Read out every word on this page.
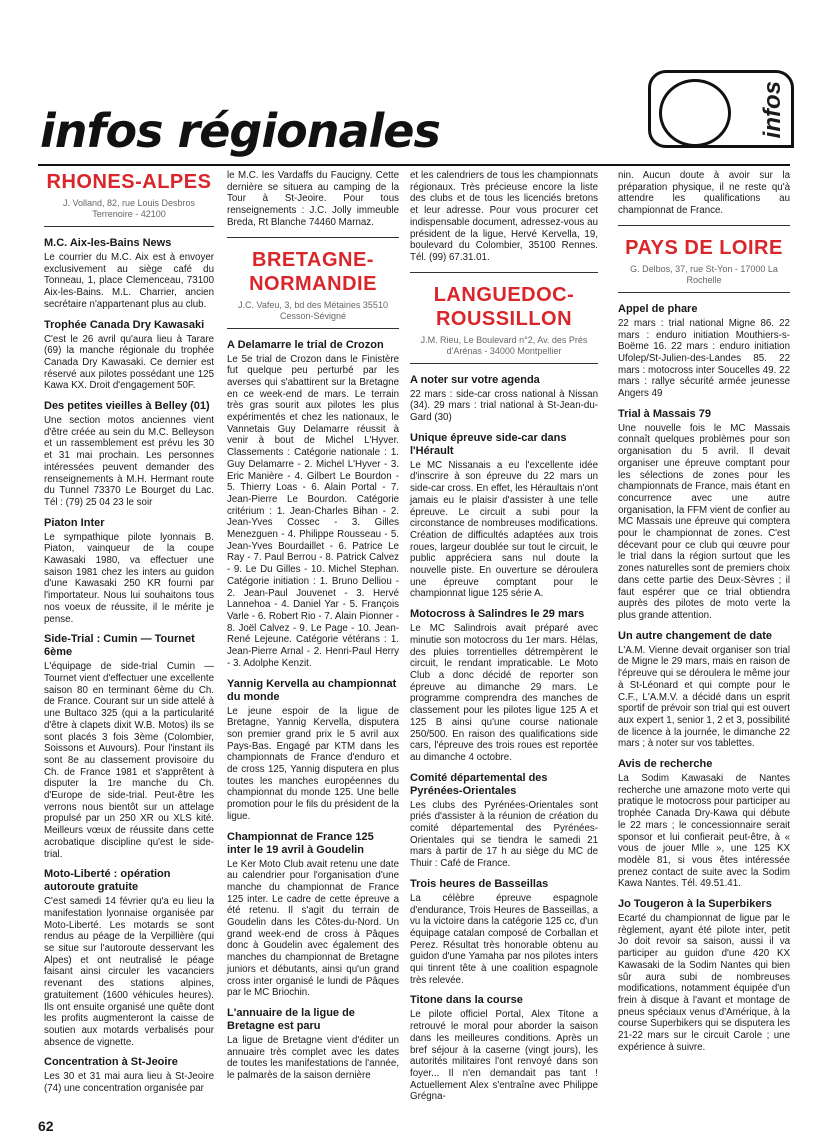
infos régionales	infos
RHONES-ALPES
J. Volland, 82, rue Louis Desbros Terrenoire - 42100
M.C. Aix-les-Bains News
Le courrier du M.C. Aix est à envoyer exclusivement au siège café du Tonneau, 1, place Clemenceau, 73100 Aix-les-Bains. M.L. Charrier, ancien secrétaire n'appartenant plus au club.
Trophée Canada Dry Kawasaki
C'est le 26 avril qu'aura lieu à Tarare (69) la manche régionale du trophée Canada Dry Kawasaki. Ce dernier est réservé aux pilotes possédant une 125 Kawa KX. Droit d'engagement 50F.
Des petites vieilles à Belley (01)
Une section motos anciennes vient d'être créée au sein du M.C. Belleyson et un rassemblement est prévu les 30 et 31 mai prochain. Les personnes intéressées peuvent demander des renseignements à M.H. Hermant route du Tunnel 73370 Le Bourget du Lac. Tél : (79) 25 04 23 le soir
Piaton Inter
Le sympathique pilote lyonnais B. Piaton, vainqueur de la coupe Kawasaki 1980, va effectuer une saison 1981 chez les inters au guidon d'une Kawasaki 250 KR fourni par l'importateur. Nous lui souhaitons tous nos voeux de réussite, il le mérite je pense.
Side-Trial : Cumin — Tournet 6ème
L'équipage de side-trial Cumin — Tournet vient d'effectuer une excellente saison 80 en terminant 6ème du Ch. de France. Courant sur un side attelé à une Bultaco 325 (qui a la particularité d'être à clapets dixit W.B. Motos) ils se sont placés 3 fois 3ème (Colombier, Soissons et Auvours). Pour l'instant ils sont 8e au classement provisoire du Ch. de France 1981 et s'apprêtent à disputer la 1re manche du Ch. d'Europe de side-trial. Peut-être les verrons nous bientôt sur un attelage propulsé par un 250 XR ou XLS kité. Meilleurs vœux de réussite dans cette acrobatique discipline qu'est le side-trial.
Moto-Liberté : opération autoroute gratuite
C'est samedi 14 février qu'a eu lieu la manifestation lyonnaise organisée par Moto-Liberté. Les motards se sont rendus au péage de la Verpillière (qui se situe sur l'autoroute desservant les Alpes) et ont neutralisé le péage faisant ainsi circuler les vacanciers revenant des stations alpines, gratuitement (1600 véhicules heures). Ils ont ensuite organisé une quête dont les profits augmenteront la caisse de soutien aux motards verbalisés pour absence de vignette.
Concentration à St-Jeoire
Les 30 et 31 mai aura lieu à St-Jeoire (74) une concentration organisée par
le M.C. les Vardaffs du Faucigny. Cette dernière se situera au camping de la Tour à St-Jeoire. Pour tous renseignements : J.C. Jolly immeuble Breda, Rt Blanche 74460 Marnaz.
BRETAGNE-NORMANDIE
J.C. Vafeu, 3, bd des Métairies 35510 Cesson-Sévigné
A Delamarre le trial de Crozon
Le 5e trial de Crozon dans le Finistère fut quelque peu perturbé par les averses qui s'abattirent sur la Bretagne en ce week-end de mars. Le terrain très gras sourit aux pilotes les plus expérimentés et chez les nationaux, le Vannetais Guy Delamarre réussit à venir à bout de Michel L'Hyver. Classements : Catégorie nationale : 1. Guy Delamarre - 2. Michel L'Hyver - 3. Eric Manière - 4. Gilbert Le Bourdon - 5. Thierry Loas - 6. Alain Portal - 7. Jean-Pierre Le Bourdon. Catégorie critérium : 1. Jean-Charles Bihan - 2. Jean-Yves Cossec - 3. Gilles Menezguen - 4. Philippe Rousseau - 5. Jean-Yves Bourdaillet - 6. Patrice Le Ray - 7. Paul Berrou - 8. Patrick Calvez - 9. Le Du Gilles - 10. Michel Stephan. Catégorie initiation : 1. Bruno Delliou - 2. Jean-Paul Jouvenet - 3. Hervé Lannehoa - 4. Daniel Yar - 5. François Varle - 6. Robert Rio - 7. Alain Pionner - 8. Joël Calvez - 9. Le Page - 10. Jean-René Lejeune. Catégorie vétérans : 1. Jean-Pierre Arnal - 2. Henri-Paul Herry - 3. Adolphe Kenzit.
Yannig Kervella au championnat du monde
Le jeune espoir de la ligue de Bretagne, Yannig Kervella, disputera son premier grand prix le 5 avril aux Pays-Bas. Engagé par KTM dans les championnats de France d'enduro et de cross 125, Yannig disputera en plus toutes les manches européennes du championnat du monde 125. Une belle promotion pour le fils du président de la ligue.
Championnat de France 125 inter le 19 avril à Goudelin
Le Ker Moto Club avait retenu une date au calendrier pour l'organisation d'une manche du championnat de France 125 inter. Le cadre de cette épreuve a été retenu. Il s'agit du terrain de Goudelin dans les Côtes-du-Nord. Un grand week-end de cross à Pâques donc à Goudelin avec également des manches du championnat de Bretagne juniors et débutants, ainsi qu'un grand cross inter organisé le lundi de Pâques par le MC Briochin.
L'annuaire de la ligue de Bretagne est paru
La ligue de Bretagne vient d'éditer un annuaire très complet avec les dates de toutes les manifestations de l'année, le palmarès de la saison dernière
et les calendriers de tous les championnats régionaux. Très précieuse encore la liste des clubs et de tous les licenciés bretons et leur adresse. Pour vous procurer cet indispensable document, adressez-vous au président de la ligue, Hervé Kervella, 19, boulevard du Colombier, 35100 Rennes. Tél. (99) 67.31.01.
LANGUEDOC-ROUSSILLON
J.M. Rieu, Le Boulevard n°2, Av. des Prés d'Arénas - 34000 Montpellier
A noter sur votre agenda
22 mars : side-car cross national à Nissan (34). 29 mars : trial national à St-Jean-du-Gard (30)
Unique épreuve side-car dans l'Hérault
Le MC Nissanais a eu l'excellente idée d'inscrire à son épreuve du 22 mars un side-car cross. En effet, les Héraultais n'ont jamais eu le plaisir d'assister à une telle épreuve. Le circuit a subi pour la circonstance de nombreuses modifications. Création de difficultés adaptées aux trois roues, largeur doublée sur tout le circuit, le public appréciera sans nul doute la nouvelle piste. En ouverture se déroulera une épreuve comptant pour le championnat ligue 125 série A.
Motocross à Salindres le 29 mars
Le MC Salindrois avait préparé avec minutie son motocross du 1er mars. Hélas, des pluies torrentielles détrempèrent le circuit, le rendant impraticable. Le Moto Club a donc décidé de reporter son épreuve au dimanche 29 mars. Le programme comprendra des manches de classement pour les pilotes ligue 125 A et 125 B ainsi qu'une course nationale 250/500. En raison des qualifications side cars, l'épreuve des trois roues est reportée au dimanche 4 octobre.
Comité départemental des Pyrénées-Orientales
Les clubs des Pyrénées-Orientales sont priés d'assister à la réunion de création du comité départemental des Pyrénées-Orientales qui se tiendra le samedi 21 mars à partir de 17 h au siège du MC de Thuir : Café de France.
Trois heures de Basseillas
La célèbre épreuve espagnole d'endurance, Trois Heures de Basseillas, a vu la victoire dans la catégorie 125 cc, d'un équipage catalan composé de Corballan et Perez. Résultat très honorable obtenu au guidon d'une Yamaha par nos pilotes inters qui tinrent tête à une coalition espagnole très relevée.
Titone dans la course
Le pilote officiel Portal, Alex Titone a retrouvé le moral pour aborder la saison dans les meilleures conditions. Après un bref séjour à la caserne (vingt jours), les autorités militaires l'ont renvoyé dans son foyer... Il n'en demandait pas tant ! Actuellement Alex s'entraîne avec Philippe Grégna-
nin. Aucun doute à avoir sur la préparation physique, il ne reste qu'à attendre les qualifications au championnat de France.
PAYS DE LOIRE
G. Delbos, 37, rue St-Yon - 17000 La Rochelle
Appel de phare
22 mars : trial national Migne 86. 22 mars : enduro initiation Mouthiers-s-Boëme 16. 22 mars : enduro initiation Ufolep/St-Julien-des-Landes 85. 22 mars : motocross inter Soucelles 49. 22 mars : rallye sécurité armée jeunesse Angers 49
Trial à Massais 79
Une nouvelle fois le MC Massais connaît quelques problèmes pour son organisation du 5 avril. Il devait organiser une épreuve comptant pour les sélections de zones pour les championnats de France, mais étant en concurrence avec une autre organisation, la FFM vient de confier au MC Massais une épreuve qui comptera pour le championnat de zones. C'est décevant pour ce club qui œuvre pour le trial dans la région surtout que les zones naturelles sont de premiers choix dans cette partie des Deux-Sèvres ; il faut espérer que ce trial obtiendra auprès des pilotes de moto verte la plus grande attention.
Un autre changement de date
L'A.M. Vienne devait organiser son trial de Migne le 29 mars, mais en raison de l'épreuve qui se déroulera le même jour à St-Léonard et qui compte pour le C.F., L'A.M.V. a décidé dans un esprit sportif de prévoir son trial qui est ouvert aux expert 1, senior 1, 2 et 3, possibilité de licence à la journée, le dimanche 22 mars ; à noter sur vos tablettes.
Avis de recherche
La Sodim Kawasaki de Nantes recherche une amazone moto verte qui pratique le motocross pour participer au trophée Canada Dry-Kawa qui débute le 22 mars ; le concessionnaire serait sponsor et lui confierait peut-être, à « vous de jouer Mlle », une 125 KX modèle 81, si vous êtes intéressée prenez contact de suite avec la Sodim Kawa Nantes. Tél. 49.51.41.
Jo Tougeron à la Superbikers
Ecarté du championnat de ligue par le règlement, ayant été pilote inter, petit Jo doit revoir sa saison, aussi il va participer au guidon d'une 420 KX Kawasaki de la Sodim Nantes qui bien sûr aura subi de nombreuses modifications, notamment équipée d'un frein à disque à l'avant et montage de pneus spéciaux venus d'Amérique, à la course Superbikers qui se disputera les 21-22 mars sur le circuit Carole ; une expérience à suivre.
62
